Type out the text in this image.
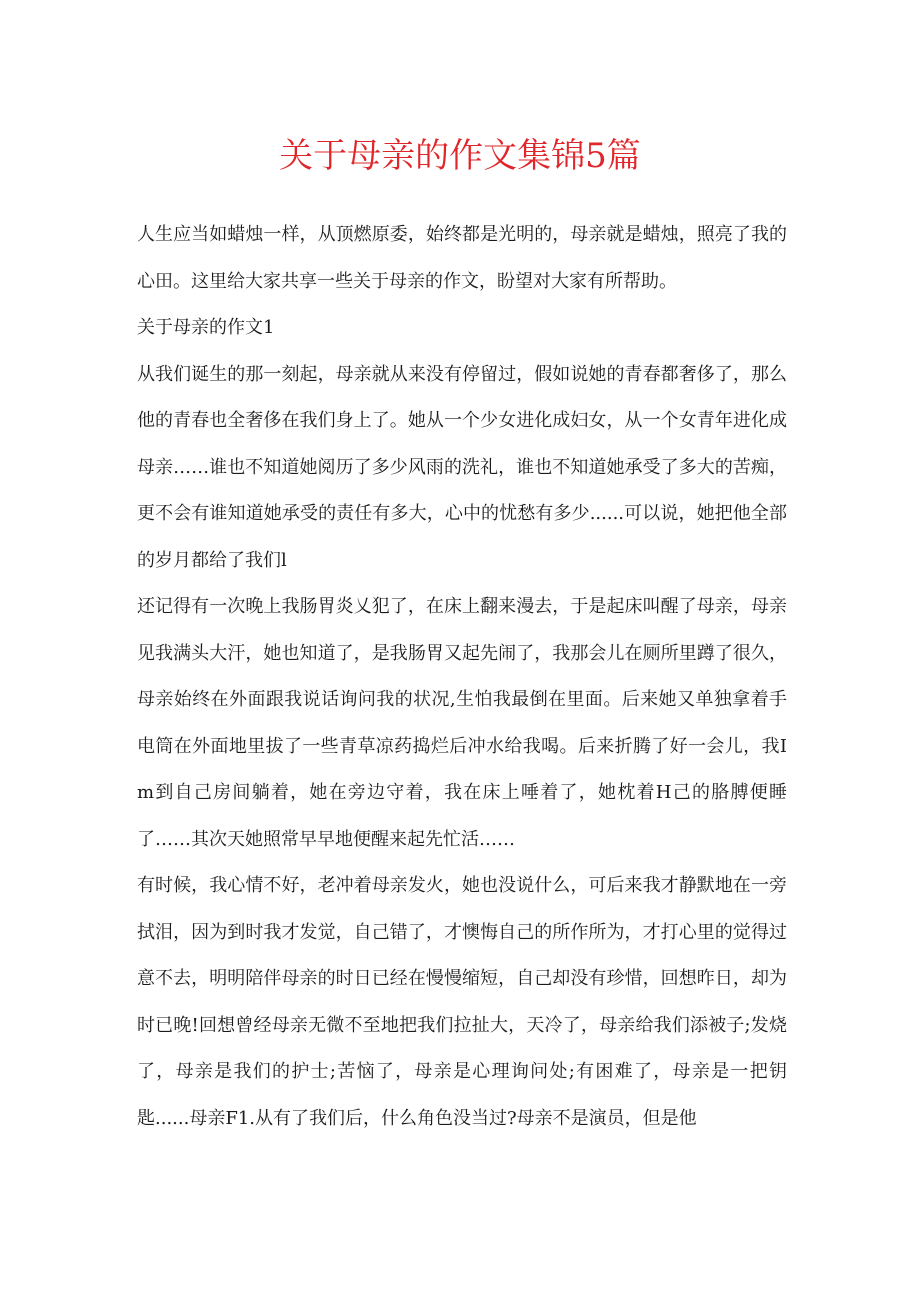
关于母亲的作文集锦5篇

人生应当如蜡烛一样，从顶燃原委，始终都是光明的，母亲就是蜡烛，照亮了我的心田。这里给大家共享一些关于母亲的作文，盼望对大家有所帮助。

关于母亲的作文1

从我们诞生的那一刻起，母亲就从来没有停留过，假如说她的青春都奢侈了，那么他的青春也全奢侈在我们身上了。她从一个少女进化成妇女，从一个女青年进化成母亲……谁也不知道她阅历了多少风雨的洗礼，谁也不知道她承受了多大的苦痴，更不会有谁知道她承受的责任有多大，心中的忧愁有多少......可以说，她把他全部的岁月都给了我们l

还记得有一次晚上我肠胃炎乂犯了，在床上翻来漫去，于是起床叫醒了母亲，母亲见我满头大汗，她也知道了，是我肠胃又起先闹了，我那会儿在厕所里蹲了很久，母亲始终在外面跟我说话询问我的状况,生怕我最倒在里面。后来她又单独拿着手电筒在外面地里拔了一些青草凉药捣烂后冲水给我喝。后来折腾了好一会儿，我Im到自己房间躺着，她在旁边守着，我在床上唾着了，她枕着H己的胳膊便睡了……其次天她照常早早地便醒来起先忙活……

有时候，我心情不好，老冲着母亲发火，她也没说什么，可后来我才静默地在一旁拭泪，因为到时我才发觉，自己错了，才懊悔自己的所作所为，才打心里的觉得过意不去，明明陪伴母亲的时日已经在慢慢缩短，自己却没有珍惜，回想昨日，却为时已晚!回想曾经母亲无微不至地把我们拉扯大，天冷了，母亲给我们添被子;发烧了，母亲是我们的护士;苦恼了，母亲是心理询问处;有困难了，母亲是一把钥匙......母亲F1.从有了我们后，什么角色没当过?母亲不是演员，但是他
